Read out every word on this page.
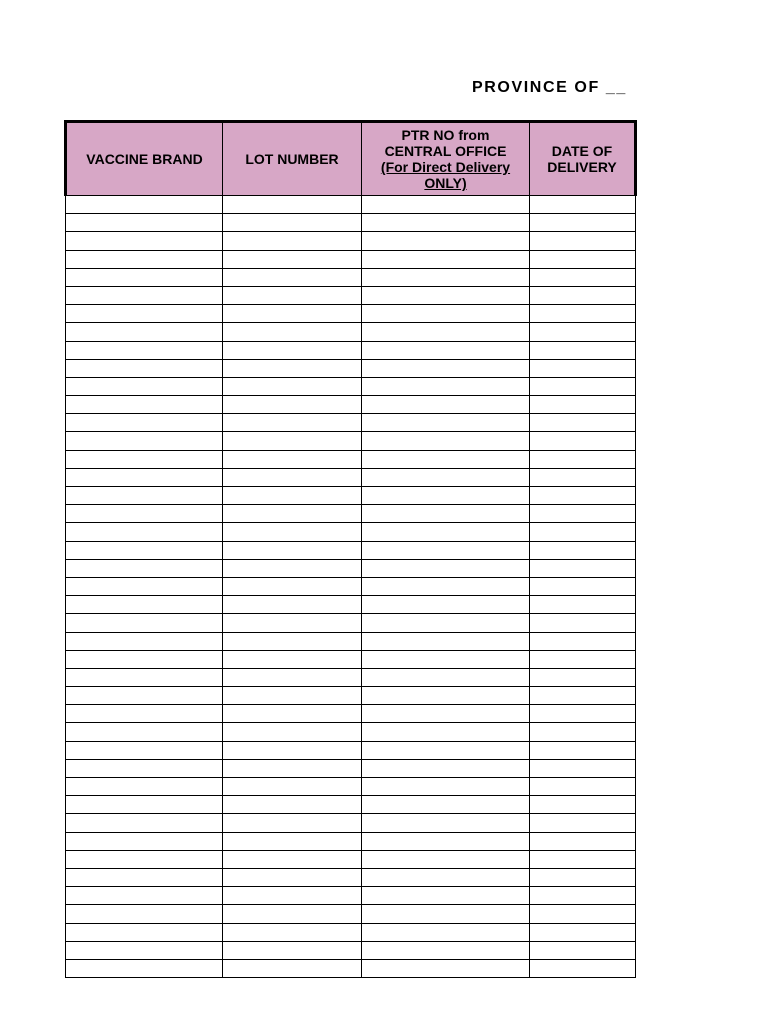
PROVINCE OF __
VACCINE BRAND	LOT NUMBER	PTR NO from
CENTRAL OFFICE
(For Direct Delivery
ONLY)	DATE OF
DELIVERY
